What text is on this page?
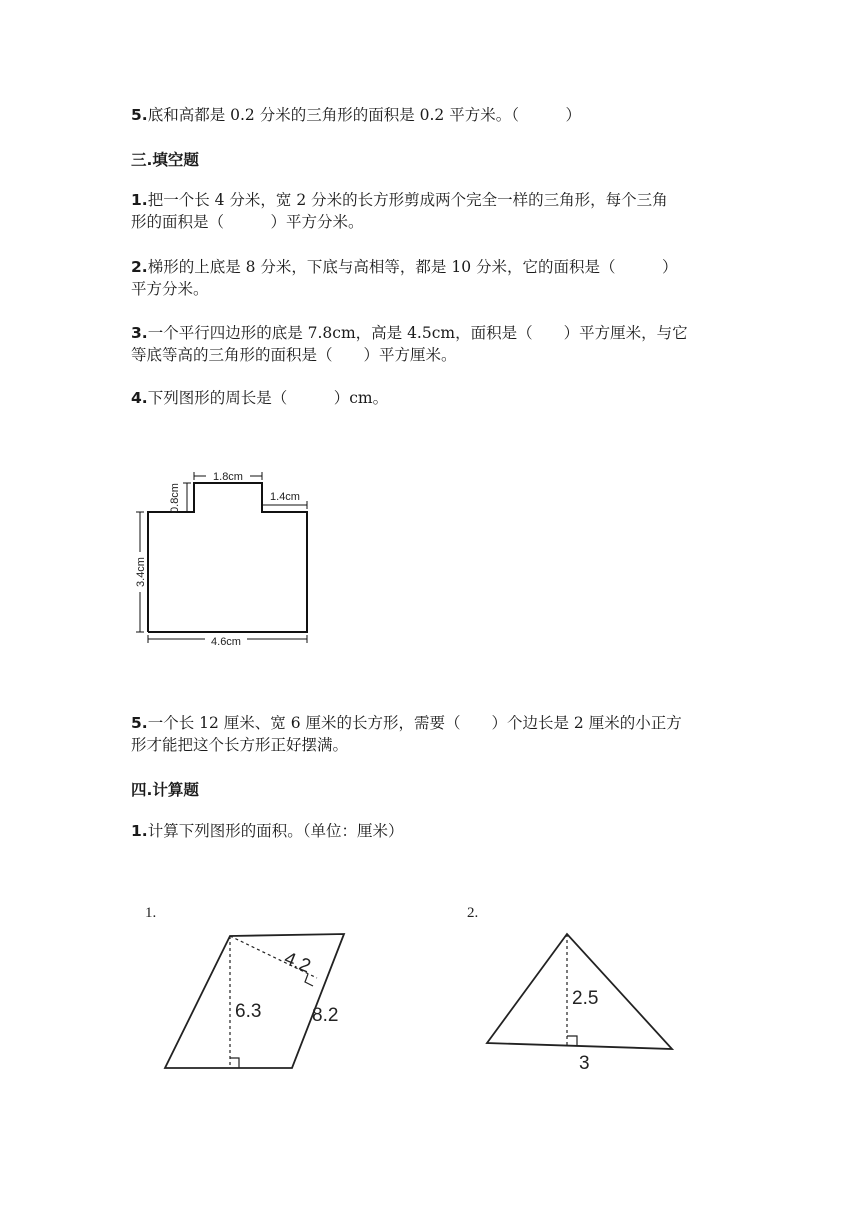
5.底和高都是 0.2 分米的三角形的面积是 0.2 平方米。（　　　）

三.填空题

1.把一个长 4 分米，宽 2 分米的长方形剪成两个完全一样的三角形，每个三角

形的面积是（　　　）平方分米。

2.梯形的上底是 8 分米，下底与高相等，都是 10 分米，它的面积是（　　　）

平方分米。

3.一个平行四边形的底是 7.8cm，高是 4.5cm，面积是（　　）平方厘米，与它

等底等高的三角形的面积是（　　）平方厘米。

4.下列图形的周长是（　　　）cm。

1.8cm
0.8cm	1.4cm
3.4cm
4.6cm

5.一个长 12 厘米、宽 6 厘米的长方形，需要（　　）个边长是 2 厘米的小正方

形才能把这个长方形正好摆满。

四.计算题

1.计算下列图形的面积。（单位：厘米）

1.
4.2
6.3	8.2
2.
2.5
3
